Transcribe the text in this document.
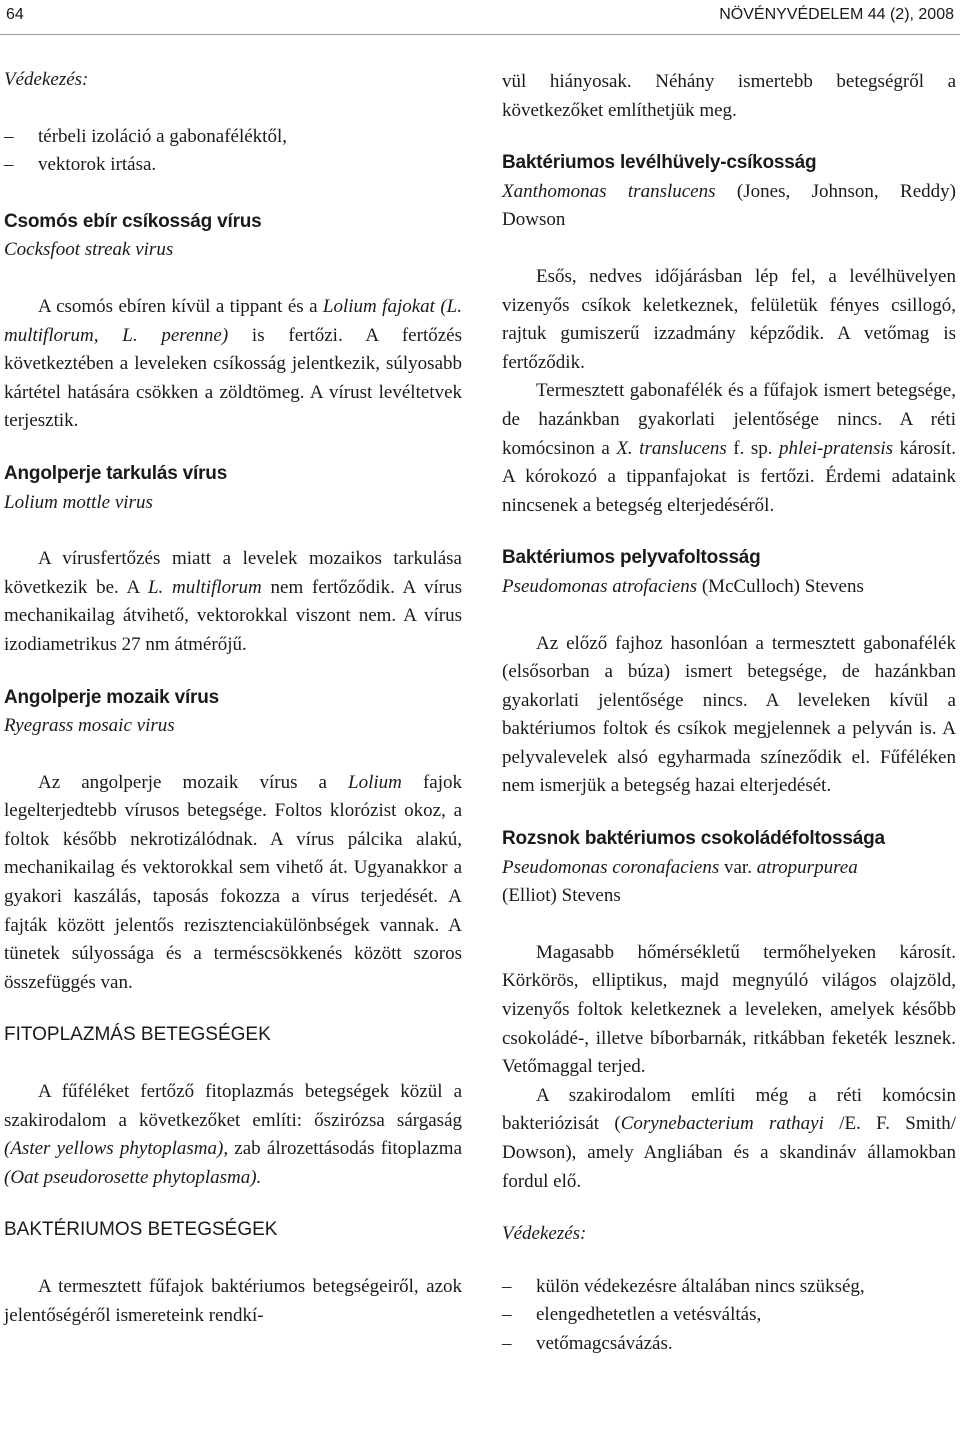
64	NÖVÉNYVÉDELEM 44 (2), 2008

Védekezés:

– térbeli izoláció a gabonaféléktől,
– vektorok irtása.

Csomós ebír csíkosság vírus

Cocksfoot streak virus

A csomós ebíren kívül a tippant és a Lolium fajokat (L. multiflorum, L. perenne) is fertőzi. A fertőzés következtében a leveleken csíkosság jelentkezik, súlyosabb kártétel hatására csökken a zöldtömeg. A vírust levéltetvek terjesztik.

Angolperje tarkulás vírus

Lolium mottle virus

A vírusfertőzés miatt a levelek mozaikos tarkulása következik be. A L. multiflorum nem fertőződik. A vírus mechanikailag átvihető, vektorokkal viszont nem. A vírus izodiametrikus 27 nm átmérőjű.

Angolperje mozaik vírus

Ryegrass mosaic virus

Az angolperje mozaik vírus a Lolium fajok legelterjedtebb vírusos betegsége. Foltos klorózist okoz, a foltok később nekrotizálódnak. A vírus pálcika alakú, mechanikailag és vektorokkal sem vihető át. Ugyanakkor a gyakori kaszálás, taposás fokozza a vírus terjedését. A fajták között jelentős rezisztenciakülönbségek vannak. A tünetek súlyossága és a terméscsökkenés között szoros összefüggés van.

FITOPLAZMÁS BETEGSÉGEK

A fűféléket fertőző fitoplazmás betegségek közül a szakirodalom a következőket említi: őszirózsa sárgaság (Aster yellows phytoplasma), zab álrozettásodás fitoplazma (Oat pseudorosette phytoplasma).

BAKTÉRIUMOS BETEGSÉGEK

A termesztett fűfajok baktériumos betegségeiről, azok jelentőségéről ismereteink rendkí-

vül hiányosak. Néhány ismertebb betegségről a következőket említhetjük meg.

Baktériumos levélhüvely-csíkosság

Xanthomonas translucens (Jones, Johnson, Reddy) Dowson

Esős, nedves időjárásban lép fel, a levélhüvelyen vizenyős csíkok keletkeznek, felületük fényes csillogó, rajtuk gumiszerű izzadmány képződik. A vetőmag is fertőződik.

Termesztett gabonafélék és a fűfajok ismert betegsége, de hazánkban gyakorlati jelentősége nincs. A réti komócsinon a X. translucens f. sp. phlei-pratensis károsít. A kórokozó a tippanfajokat is fertőzi. Érdemi adataink nincsenek a betegség elterjedéséről.

Baktériumos pelyvafoltosság

Pseudomonas atrofaciens (McCulloch) Stevens

Az előző fajhoz hasonlóan a termesztett gabonafélék (elsősorban a búza) ismert betegsége, de hazánkban gyakorlati jelentősége nincs. A leveleken kívül a baktériumos foltok és csíkok megjelennek a pelyván is. A pelyvalevelek alsó egyharmada színeződik el. Fűféléken nem ismerjük a betegség hazai elterjedését.

Rozsnok baktériumos csokoládéfoltossága

Pseudomonas coronafaciens var. atropurpurea

(Elliot) Stevens

Magasabb hőmérsékletű termőhelyeken károsít. Körkörös, elliptikus, majd megnyúló világos olajzöld, vizenyős foltok keletkeznek a leveleken, amelyek később csokoládé-, illetve bíborbarnák, ritkábban feketék lesznek. Vetőmaggal terjed.

A szakirodalom említi még a réti komócsin bakteriózisát (Corynebacterium rathayi /E. F. Smith/ Dowson), amely Angliában és a skandináv államokban fordul elő.

Védekezés:

– külön védekezésre általában nincs szükség,
– elengedhetetlen a vetésváltás,
– vetőmagcsávázás.
